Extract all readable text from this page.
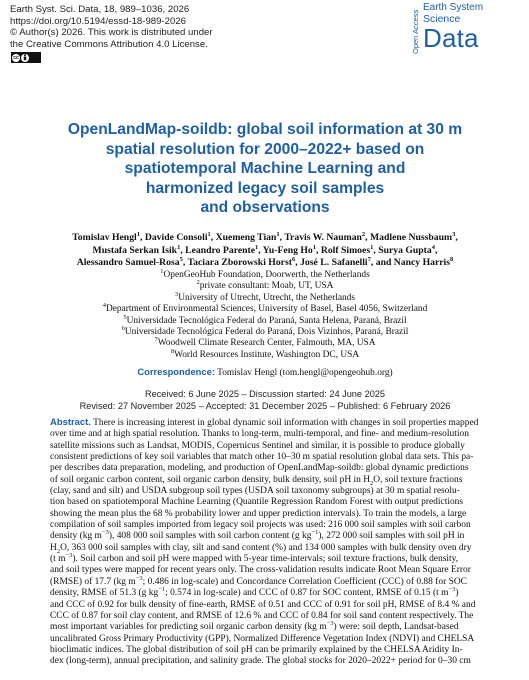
Earth Syst. Sci. Data, 18, 989–1036, 2026
https://doi.org/10.5194/essd-18-989-2026
© Author(s) 2026. This work is distributed under
the Creative Commons Attribution 4.0 License.
cc
Open Access
Earth System
Science
Data
OpenLandMap-soildb: global soil information at 30 m
spatial resolution for 2000–2022+ based on
spatiotemporal Machine Learning and
harmonized legacy soil samples
and observations
Tomislav Hengl$^1$, Davide Consoli$^1$, Xuemeng Tian$^1$, Travis W. Nauman$^2$, Madlene Nussbaum$^3$,
Mustafa Serkan Isik$^1$, Leandro Parente$^1$, Yu-Feng Ho$^1$, Rolf Simoes$^1$, Surya Gupta$^4$,
Alessandro Samuel-Rosa$^5$, Taciara Zborowski Horst$^6$, José L. Safanelli$^7$, and Nancy Harris$^8$
$^1$OpenGeoHub Foundation, Doorwerth, the Netherlands
$^2$private consultant: Moab, UT, USA
$^3$University of Utrecht, Utrecht, the Netherlands
$^4$Department of Environmental Sciences, University of Basel, Basel 4056, Switzerland
$^5$Universidade Tecnológica Federal do Paraná, Santa Helena, Paraná, Brazil
$^6$Universidade Tecnológica Federal do Paraná, Dois Vizinhos, Paraná, Brazil
$^7$Woodwell Climate Research Center, Falmouth, MA, USA
$^8$World Resources Institute, Washington DC, USA
Correspondence: Tomislav Hengl (tom.hengl@opengeohub.org)
Received: 6 June 2025 – Discussion started: 24 June 2025
Revised: 27 November 2025 – Accepted: 31 December 2025 – Published: 6 February 2026
Abstract. There is increasing interest in global dynamic soil information with changes in soil properties mapped
over time and at high spatial resolution. Thanks to long-term, multi-temporal, and fine- and medium-resolution
satellite missions such as Landsat, MODIS, Copernicus Sentinel and similar, it is possible to produce globally
consistent predictions of key soil variables that match other 10–30 m spatial resolution global data sets. This pa-
per describes data preparation, modeling, and production of OpenLandMap-soildb: global dynamic predictions
of soil organic carbon content, soil organic carbon density, bulk density, soil pH in $H_2O$, soil texture fractions
(clay, sand and silt) and USDA subgroup soil types (USDA soil taxonomy subgroups) at 30 m spatial resolu-
tion based on spatiotemporal Machine Learning (Quantile Regression Random Forest with output predictions
showing the mean plus the 68 % probability lower and upper prediction intervals). To train the models, a large
compilation of soil samples imported from legacy soil projects was used: 216 000 soil samples with soil carbon
density (kg $m^{-3}$), 408 000 soil samples with soil carbon content (g $kg^{-1}$), 272 000 soil samples with soil pH in
$H_2O$, 363 000 soil samples with clay, silt and sand content (%) and 134 000 samples with bulk density oven dry
(t $m^{-3}$). Soil carbon and soil pH were mapped with 5-year time-intervals; soil texture fractions, bulk density,
and soil types were mapped for recent years only. The cross-validation results indicate Root Mean Square Error
(RMSE) of 17.7 (kg $m^{-3}$; 0.486 in log-scale) and Concordance Correlation Coefficient (CCC) of 0.88 for SOC
density, RMSE of 51.3 (g $kg^{-1}$; 0.574 in log-scale) and CCC of 0.87 for SOC content, RMSE of 0.15 (t $m^{-3}$)
and CCC of 0.92 for bulk density of fine-earth, RMSE of 0.51 and CCC of 0.91 for soil pH, RMSE of 8.4 % and
CCC of 0.87 for soil clay content, and RMSE of 12.6 % and CCC of 0.84 for soil sand content respectively. The
most important variables for predicting soil organic carbon density (kg $m^{-3}$) were: soil depth, Landsat-based
uncalibrated Gross Primary Productivity (GPP), Normalized Difference Vegetation Index (NDVI) and CHELSA
bioclimatic indices. The global distribution of soil pH can be primarily explained by the CHELSA Aridity In-
dex (long-term), annual precipitation, and salinity grade. The global stocks for 2020–2022+ period for 0–30 cm
